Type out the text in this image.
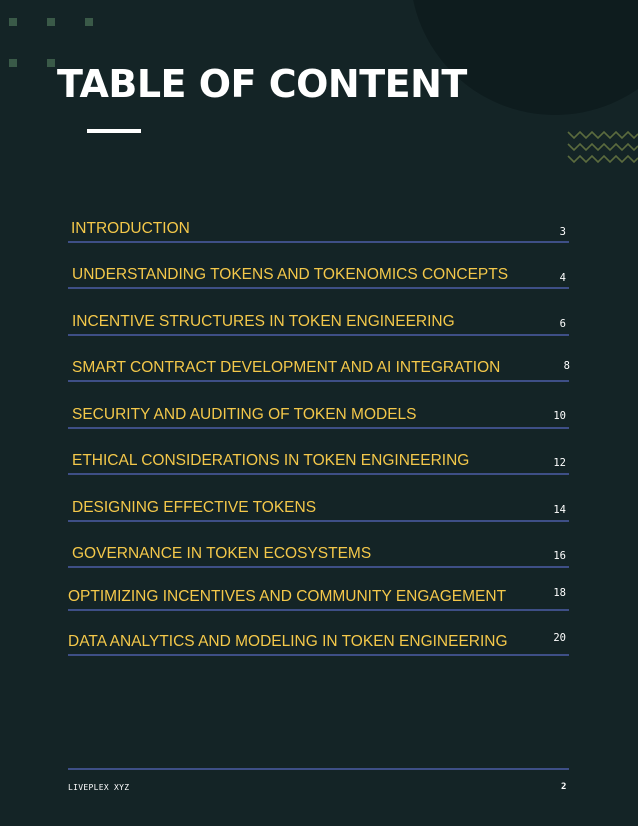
TABLE OF CONTENT
INTRODUCTION	3
UNDERSTANDING TOKENS AND TOKENOMICS CONCEPTS	4
INCENTIVE STRUCTURES IN TOKEN ENGINEERING	6
SMART CONTRACT DEVELOPMENT AND AI INTEGRATION	8
SECURITY AND AUDITING OF TOKEN MODELS	10
ETHICAL CONSIDERATIONS IN TOKEN ENGINEERING	12
DESIGNING EFFECTIVE TOKENS	14
GOVERNANCE IN TOKEN ECOSYSTEMS	16
OPTIMIZING INCENTIVES AND COMMUNITY ENGAGEMENT	18
DATA ANALYTICS AND MODELING IN TOKEN ENGINEERING	20
LIVEPLEX XYZ	2
